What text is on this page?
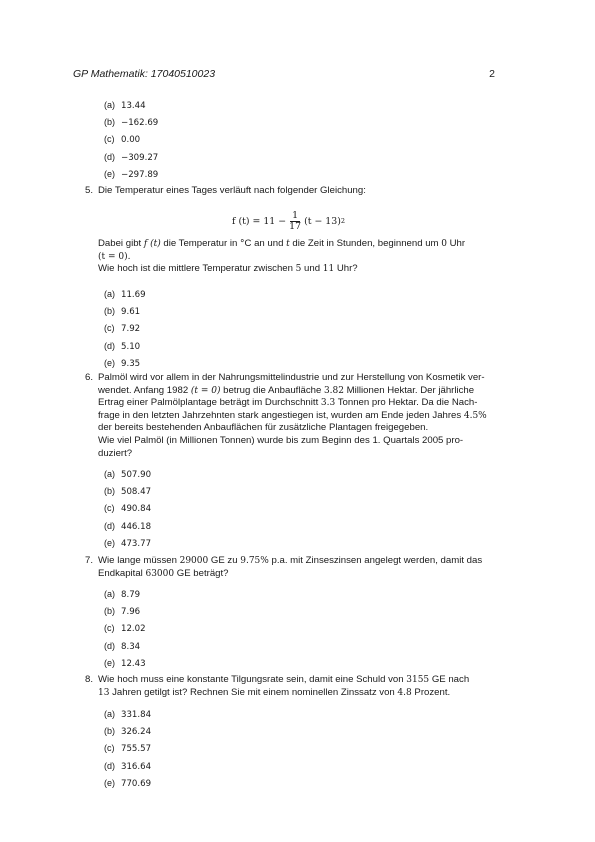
GP Mathematik: 17040510023	2
(a) 13.44
(b) −162.69
(c) 0.00
(d) −309.27
(e) −297.89
5. Die Temperatur eines Tages verläuft nach folgender Gleichung:

f $(t) = 11 - \frac{1}{17} (t - 13)$ 2

Dabei gibt f (t) die Temperatur in °C an und t die Zeit in Stunden, beginnend um 0 Uhr
(t = 0).

Wie hoch ist die mittlere Temperatur zwischen 5 und 11 Uhr?

(a) 11.69
(b) 9.61
(c) 7.92
(d) 5.10
(e) 9.35
6. Palmöl wird vor allem in der Nahrungsmittelindustrie und zur Herstellung von Kosmetik ver-
wendet. Anfang 1982 (t = 0) betrug die Anbaufläche 3.82 Millionen Hektar. Der jährliche
Ertrag einer Palmölplantage beträgt im Durchschnitt 3.3 Tonnen pro Hektar. Da die Nach-
frage in den letzten Jahrzehnten stark angestiegen ist, wurden am Ende jeden Jahres 4.5%
der bereits bestehenden Anbauflächen für zusätzliche Plantagen freigegeben.

Wie viel Palmöl (in Millionen Tonnen) wurde bis zum Beginn des 1. Quartals 2005 pro-
duziert?

(a) 507.90
(b) 508.47
(c) 490.84
(d) 446.18
(e) 473.77
7. Wie lange müssen 29000 GE zu 9.75% p.a. mit Zinseszinsen angelegt werden, damit das
Endkapital 63000 GE beträgt?

(a) 8.79
(b) 7.96
(c) 12.02
(d) 8.34
(e) 12.43
8. Wie hoch muss eine konstante Tilgungsrate sein, damit eine Schuld von 3155 GE nach
13 Jahren getilgt ist? Rechnen Sie mit einem nominellen Zinssatz von 4.8 Prozent.

(a) 331.84
(b) 326.24
(c) 755.57
(d) 316.64
(e) 770.69
